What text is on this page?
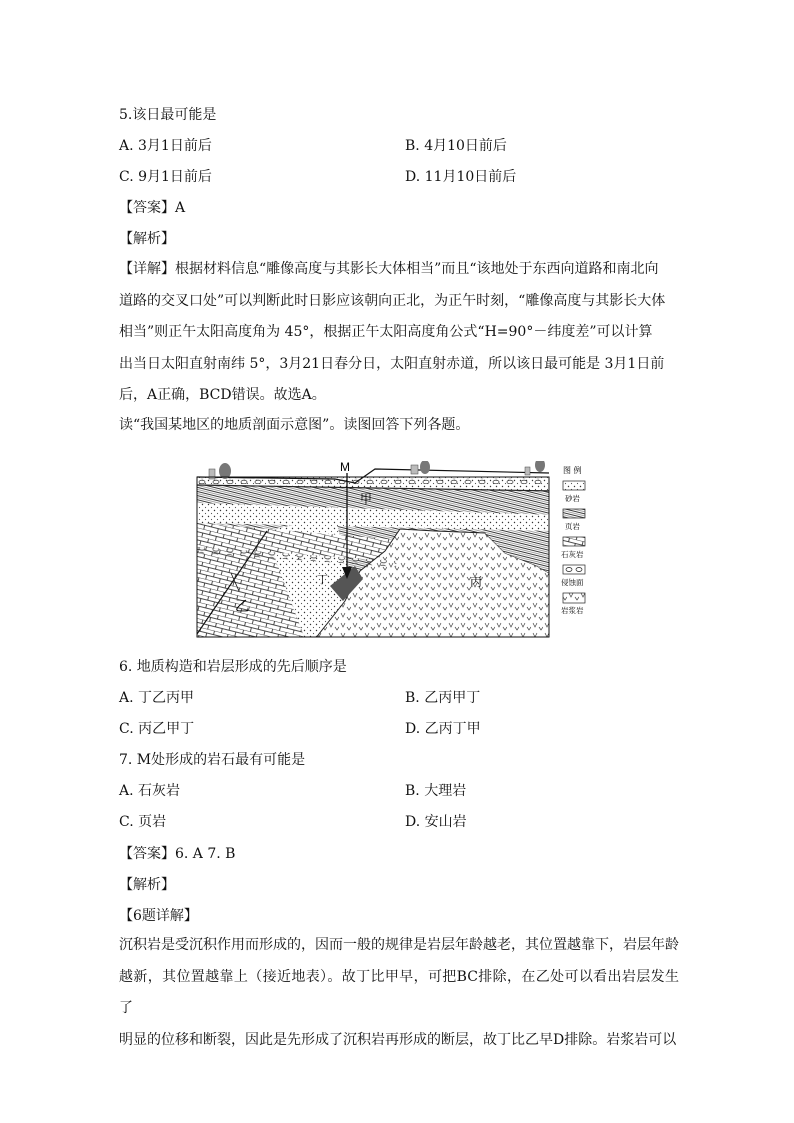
5.该日最可能是
A. 3月1日前后	B. 4月10日前后
C. 9月1日前后	D. 11月10日前后
【答案】A
【解析】
【详解】根据材料信息“雕像高度与其影长大体相当”而且“该地处于东西向道路和南北向
道路的交叉口处”可以判断此时日影应该朝向正北，为正午时刻，“雕像高度与其影长大体
相当”则正午太阳高度角为 45°，根据正午太阳高度角公式“H=90°－纬度差”可以计算
出当日太阳直射南纬 5°，3月21日春分日，太阳直射赤道，所以该日最可能是 3月1日前
后，A正确，BCD错误。故选A。
读“我国某地区的地质剖面示意图”。读图回答下列各题。
M
甲
乙
丙
丁
图 例
砂岩
页岩
石灰岩
侵蚀面
岩浆岩
6. 地质构造和岩层形成的先后顺序是
A. 丁乙丙甲	B. 乙丙甲丁
C. 丙乙甲丁	D. 乙丙丁甲
7. M处形成的岩石最有可能是
A. 石灰岩	B. 大理岩
C. 页岩	D. 安山岩
【答案】6. A 7. B
【解析】
【6题详解】
沉积岩是受沉积作用而形成的，因而一般的规律是岩层年龄越老，其位置越靠下，岩层年龄
越新，其位置越靠上（接近地表）。故丁比甲早，可把BC排除，在乙处可以看出岩层发生了
明显的位移和断裂，因此是先形成了沉积岩再形成的断层，故丁比乙早D排除。岩浆岩可以
